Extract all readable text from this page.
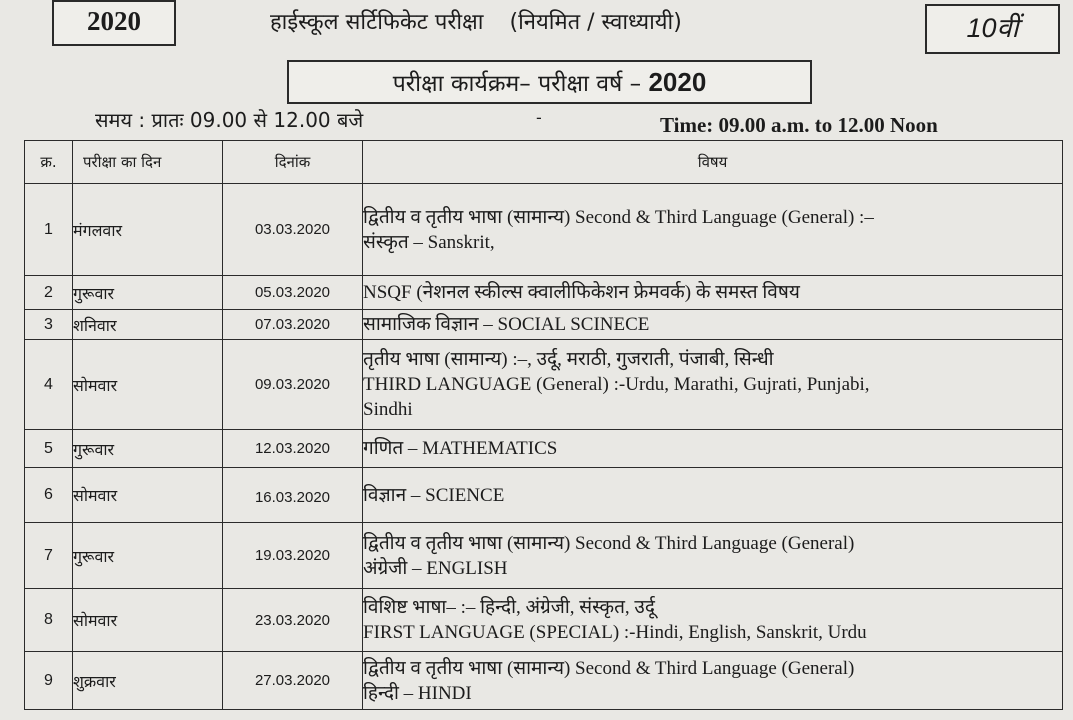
2020	हाईस्कूल सर्टिफिकेट परीक्षा (नियमित / स्वाध्यायी)	10वीं
परीक्षा कार्यक्रम– परीक्षा वर्ष – 2020
समय : प्रातः 09.00 से 12.00 बजे	-	Time: 09.00 a.m. to 12.00 Noon
क्र.	परीक्षा का दिन	दिनांक	विषय
1	मंगलवार	03.03.2020	द्वितीय व तृतीय भाषा (सामान्य) Second & Third Language (General) :–
संस्कृत – Sanskrit,

2	गुरूवार	05.03.2020	NSQF (नेशनल स्कील्स क्वालीफिकेशन फ्रेमवर्क) के समस्त विषय

3	शनिवार	07.03.2020	सामाजिक विज्ञान – SOCIAL SCINECE

4	सोमवार	09.03.2020	तृतीय भाषा (सामान्य) :–, उर्दू, मराठी, गुजराती, पंजाबी, सिन्धी
THIRD LANGUAGE (General) :-Urdu, Marathi, Gujrati, Punjabi,
Sindhi

5	गुरूवार	12.03.2020	गणित – MATHEMATICS

6	सोमवार	16.03.2020	विज्ञान – SCIENCE

7	गुरूवार	19.03.2020	द्वितीय व तृतीय भाषा (सामान्य) Second & Third Language (General)
अंग्रेजी – ENGLISH

8	सोमवार	23.03.2020	विशिष्ट भाषा– :– हिन्दी, अंग्रेजी, संस्कृत, उर्दू
FIRST LANGUAGE (SPECIAL) :-Hindi, English, Sanskrit, Urdu

9	शुक्रवार	27.03.2020	द्वितीय व तृतीय भाषा (सामान्य) Second & Third Language (General)
हिन्दी – HINDI
